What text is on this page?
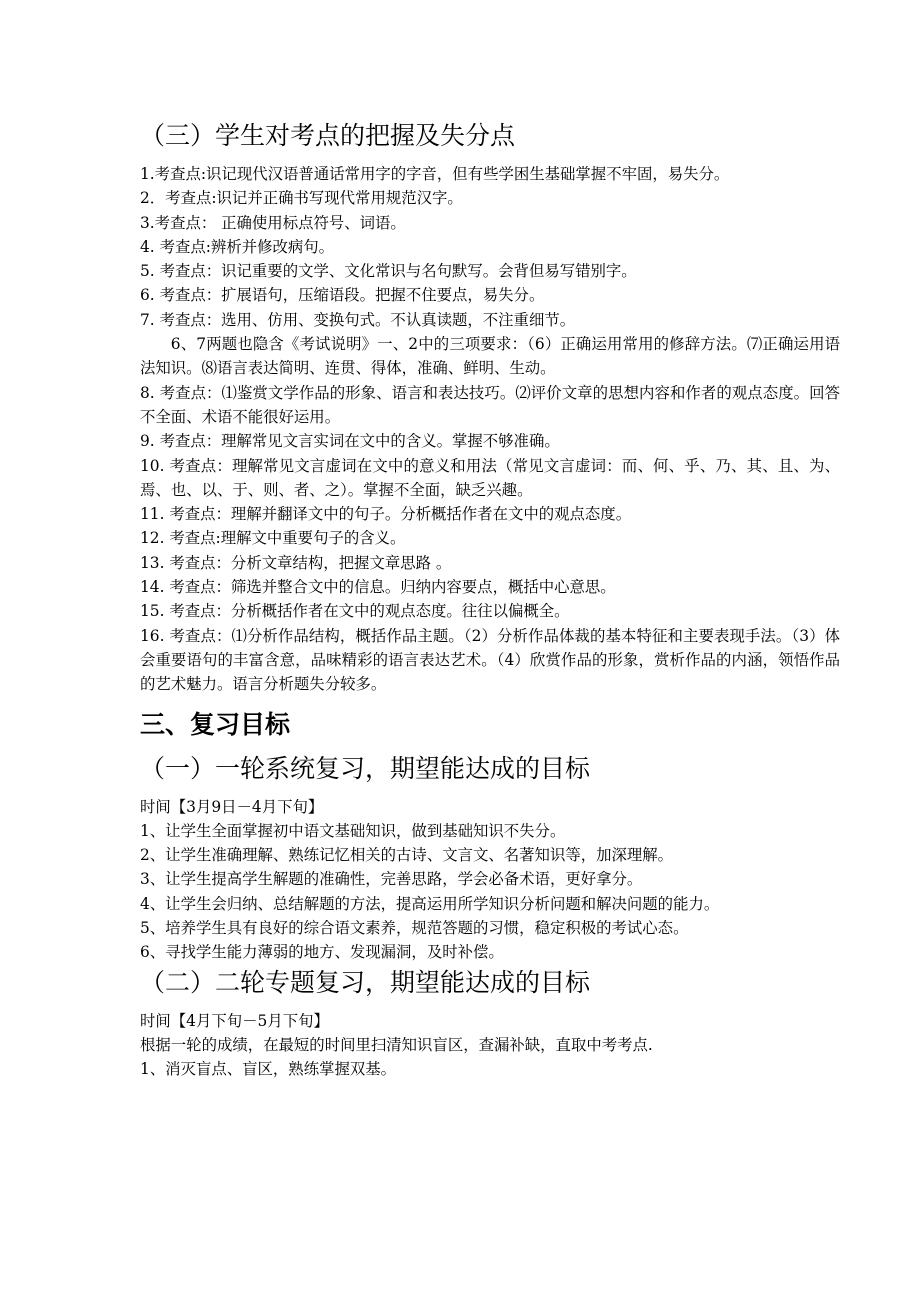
（三）学生对考点的把握及失分点

1.考查点:识记现代汉语普通话常用字的字音，但有些学困生基础掌握不牢固，易失分。

2．考查点:识记并正确书写现代常用规范汉字。

3.考查点： 正确使用标点符号、词语。

4. 考查点:辨析并修改病句。

5. 考查点：识记重要的文学、文化常识与名句默写。会背但易写错别字。

6. 考查点：扩展语句，压缩语段。把握不住要点，易失分。

7. 考查点：选用、仿用、变换句式。不认真读题，不注重细节。

6、7两题也隐含《考试说明》一、2中的三项要求：（6）正确运用常用的修辞方法。⑺正确运用语法知识。⑻语言表达简明、连贯、得体，准确、鲜明、生动。

8. 考查点：⑴鉴赏文学作品的形象、语言和表达技巧。⑵评价文章的思想内容和作者的观点态度。回答不全面、术语不能很好运用。

9. 考查点：理解常见文言实词在文中的含义。掌握不够准确。

10. 考查点：理解常见文言虚词在文中的意义和用法（常见文言虚词：而、何、乎、乃、其、且、为、焉、也、以、于、则、者、之）。掌握不全面，缺乏兴趣。

11. 考查点：理解并翻译文中的句子。分析概括作者在文中的观点态度。

12. 考查点:理解文中重要句子的含义。

13. 考查点：分析文章结构，把握文章思路 。

14. 考查点：筛选并整合文中的信息。归纳内容要点，概括中心意思。

15. 考查点：分析概括作者在文中的观点态度。往往以偏概全。

16. 考查点：⑴分析作品结构，概括作品主题。（2）分析作品体裁的基本特征和主要表现手法。（3）体会重要语句的丰富含意，品味精彩的语言表达艺术。（4）欣赏作品的形象，赏析作品的内涵，领悟作品的艺术魅力。语言分析题失分较多。

三、复习目标
（一）一轮系统复习，期望能达成的目标

时间【3月9日－4月下旬】

1、让学生全面掌握初中语文基础知识，做到基础知识不失分。

2、让学生准确理解、熟练记忆相关的古诗、文言文、名著知识等，加深理解。

3、让学生提高学生解题的准确性，完善思路，学会必备术语，更好拿分。

4、让学生会归纳、总结解题的方法，提高运用所学知识分析问题和解决问题的能力。

5、培养学生具有良好的综合语文素养，规范答题的习惯，稳定积极的考试心态。

6、寻找学生能力薄弱的地方、发现漏洞，及时补偿。

（二）二轮专题复习，期望能达成的目标

时间【4月下旬－5月下旬】

根据一轮的成绩，在最短的时间里扫清知识盲区，查漏补缺，直取中考考点.

1、消灭盲点、盲区，熟练掌握双基。
